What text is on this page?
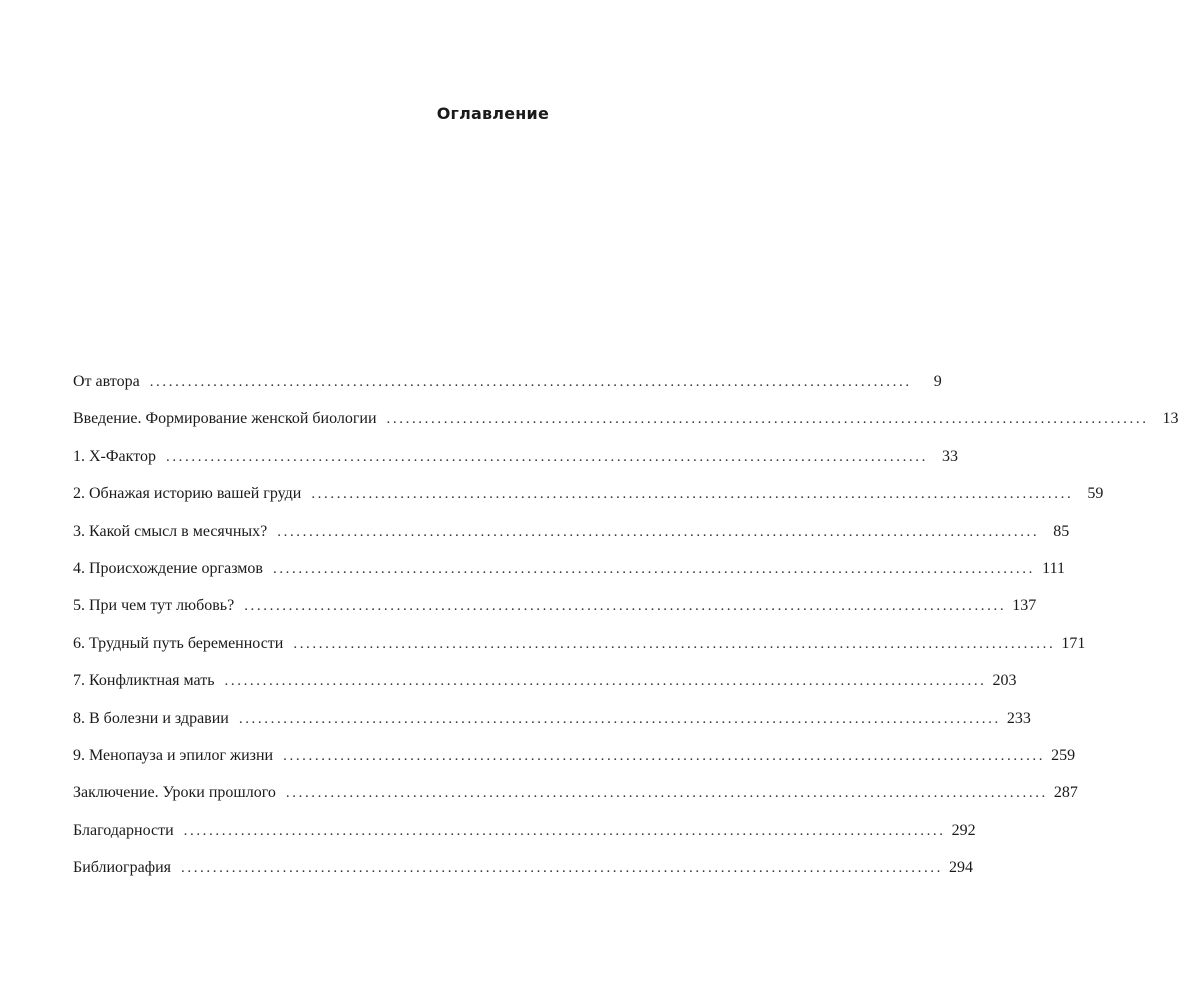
Оглавление
От автора ........................................................................................................................	9
Введение. Формирование женской биологии ........................................................................................................................ 13
1. X-Фактор ........................................................................................................................ 33
2. Обнажая историю вашей груди ........................................................................................................................ 59
3. Какой смысл в месячных? ........................................................................................................................ 85
4. Происхождение оргазмов ........................................................................................................................ 111
5. При чем тут любовь? ........................................................................................................................ 137
6. Трудный путь беременности ........................................................................................................................ 171
7. Конфликтная мать ........................................................................................................................ 203
8. В болезни и здравии ........................................................................................................................ 233
9. Менопауза и эпилог жизни ........................................................................................................................ 259
Заключение. Уроки прошлого ........................................................................................................................ 287
Благодарности ........................................................................................................................ 292
Библиография ........................................................................................................................ 294
